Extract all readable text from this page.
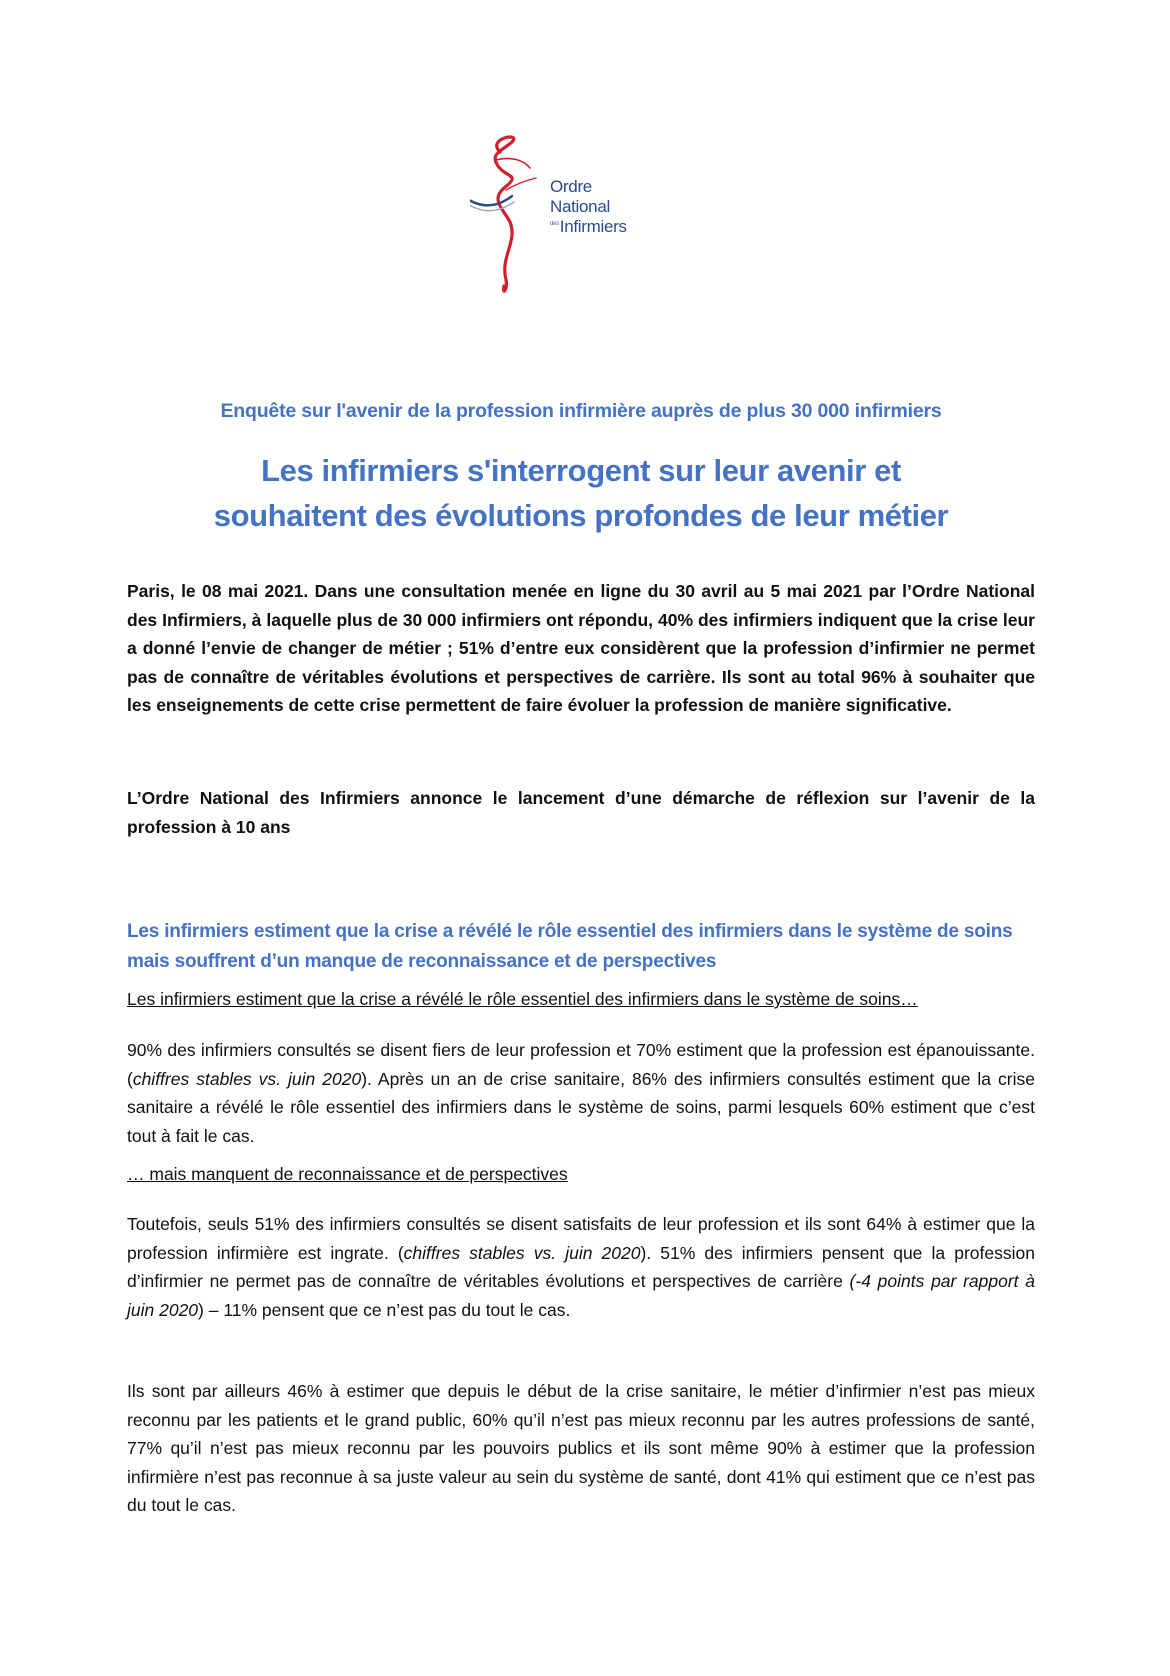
Ordre
National
$^{des}$Infirmiers
Enquête sur l'avenir de la profession infirmière auprès de plus 30 000 infirmiers
Les infirmiers s'interrogent sur leur avenir et
souhaitent des évolutions profondes de leur métier

Paris, le 08 mai 2021. Dans une consultation menée en ligne du 30 avril au 5 mai 2021 par l’Ordre National des Infirmiers, à laquelle plus de 30 000 infirmiers ont répondu, 40% des infirmiers indiquent que la crise leur a donné l’envie de changer de métier ; 51% d’entre eux considèrent que la profession d’infirmier ne permet pas de connaître de véritables évolutions et perspectives de carrière. Ils sont au total 96% à souhaiter que les enseignements de cette crise permettent de faire évoluer la profession de manière significative.

L’Ordre National des Infirmiers annonce le lancement d’une démarche de réflexion sur l’avenir de la profession à 10 ans

Les infirmiers estiment que la crise a révélé le rôle essentiel des infirmiers dans le système de soins mais souffrent d’un manque de reconnaissance et de perspectives

Les infirmiers estiment que la crise a révélé le rôle essentiel des infirmiers dans le système de soins…

90% des infirmiers consultés se disent fiers de leur profession et 70% estiment que la profession est épanouissante. (chiffres stables vs. juin 2020). Après un an de crise sanitaire, 86% des infirmiers consultés estiment que la crise sanitaire a révélé le rôle essentiel des infirmiers dans le système de soins, parmi lesquels 60% estiment que c’est tout à fait le cas.

… mais manquent de reconnaissance et de perspectives

Toutefois, seuls 51% des infirmiers consultés se disent satisfaits de leur profession et ils sont 64% à estimer que la profession infirmière est ingrate. (chiffres stables vs. juin 2020). 51% des infirmiers pensent que la profession d’infirmier ne permet pas de connaître de véritables évolutions et perspectives de carrière (-4 points par rapport à juin 2020) – 11% pensent que ce n’est pas du tout le cas.

Ils sont par ailleurs 46% à estimer que depuis le début de la crise sanitaire, le métier d’infirmier n’est pas mieux reconnu par les patients et le grand public, 60% qu’il n’est pas mieux reconnu par les autres professions de santé, 77% qu’il n’est pas mieux reconnu par les pouvoirs publics et ils sont même 90% à estimer que la profession infirmière n’est pas reconnue à sa juste valeur au sein du système de santé, dont 41% qui estiment que ce n’est pas du tout le cas.
